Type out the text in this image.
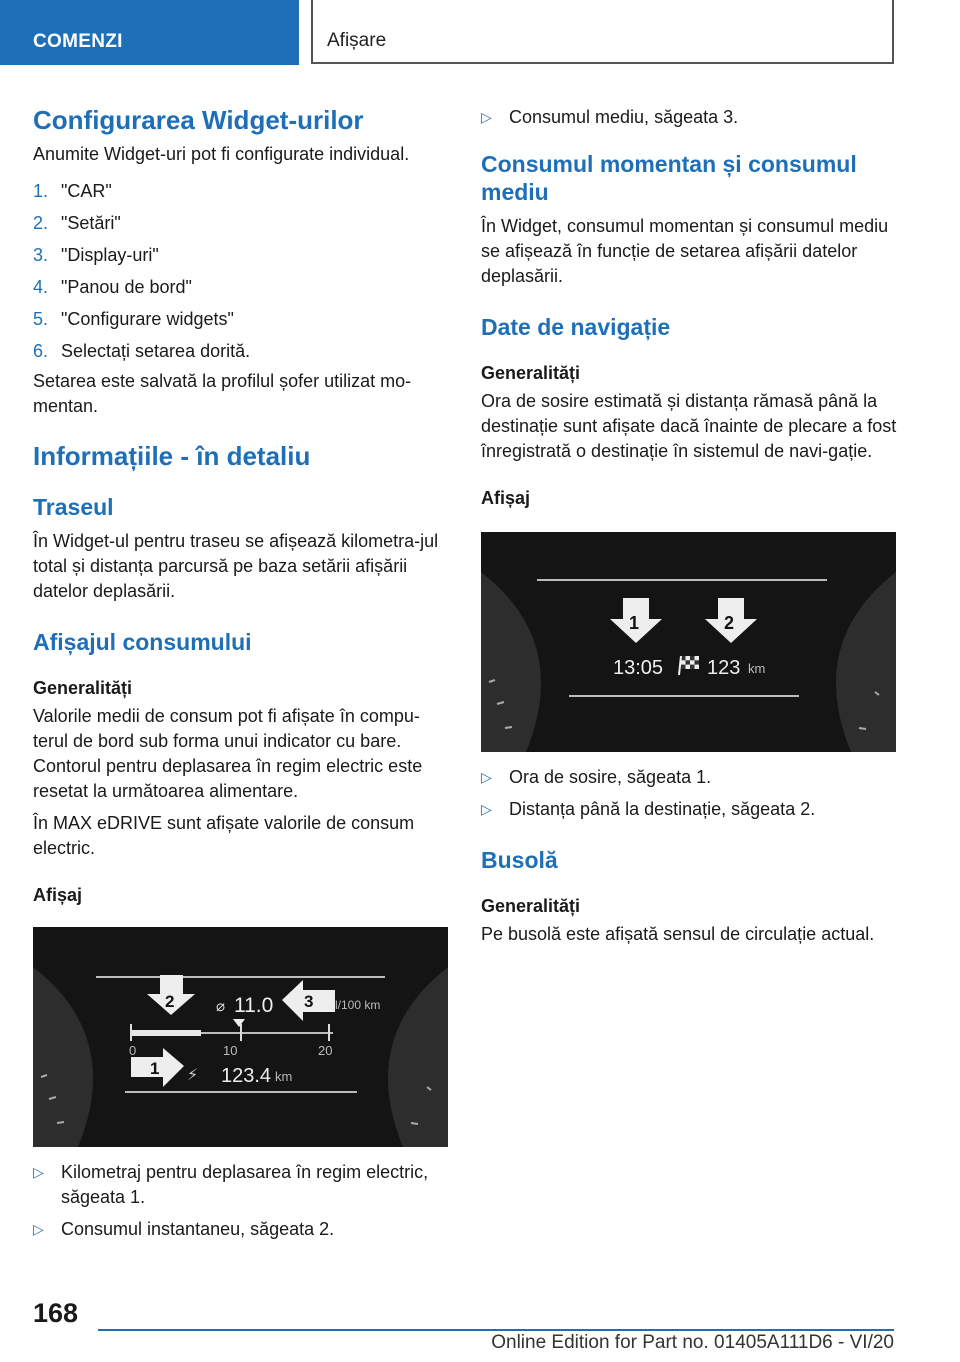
COMENZI	Afișare
Configurarea Widget-urilor

Anumite Widget-uri pot fi configurate individual.

1. "CAR"
2. "Setări"
3. "Display-uri"
4. "Panou de bord"
5. "Configurare widgets"
6. Selectați setarea dorită.

Setarea este salvată la profilul șofer utilizat mo-mentan.

Informațiile - în detaliu
Traseul

În Widget-ul pentru traseu se afișează kilometra-jul total și distanța parcursă pe baza setării afișării datelor deplasării.

Afișajul consumului
Generalități

Valorile medii de consum pot fi afișate în compu-terul de bord sub forma unui indicator cu bare. Contorul pentru deplasarea în regim electric este resetat la următoarea alimentare.

În MAX eDRIVE sunt afișate valorile de consum electric.

Afișaj
2	3
1
⌀ 11.0	l/100 km
0	10	20
⚡ 123.4 km
▷ Kilometraj pentru deplasarea în regim electric, săgeata 1.
▷ Consumul instantaneu, săgeata 2.
▷ Consumul mediu, săgeata 3.
Consumul momentan și consumul mediu

În Widget, consumul momentan și consumul mediu se afișează în funcție de setarea afișării datelor deplasării.

Date de navigație
Generalități

Ora de sosire estimată și distanța rămasă până la destinație sunt afișate dacă înainte de plecare a fost înregistrată o destinație în sistemul de navi-gație.

Afișaj
1	2
13:05 123 km
▷ Ora de sosire, săgeata 1.
▷ Distanța până la destinație, săgeata 2.
Busolă
Generalități

Pe busolă este afișată sensul de circulație actual.

168
Online Edition for Part no. 01405A111D6 - VI/20
